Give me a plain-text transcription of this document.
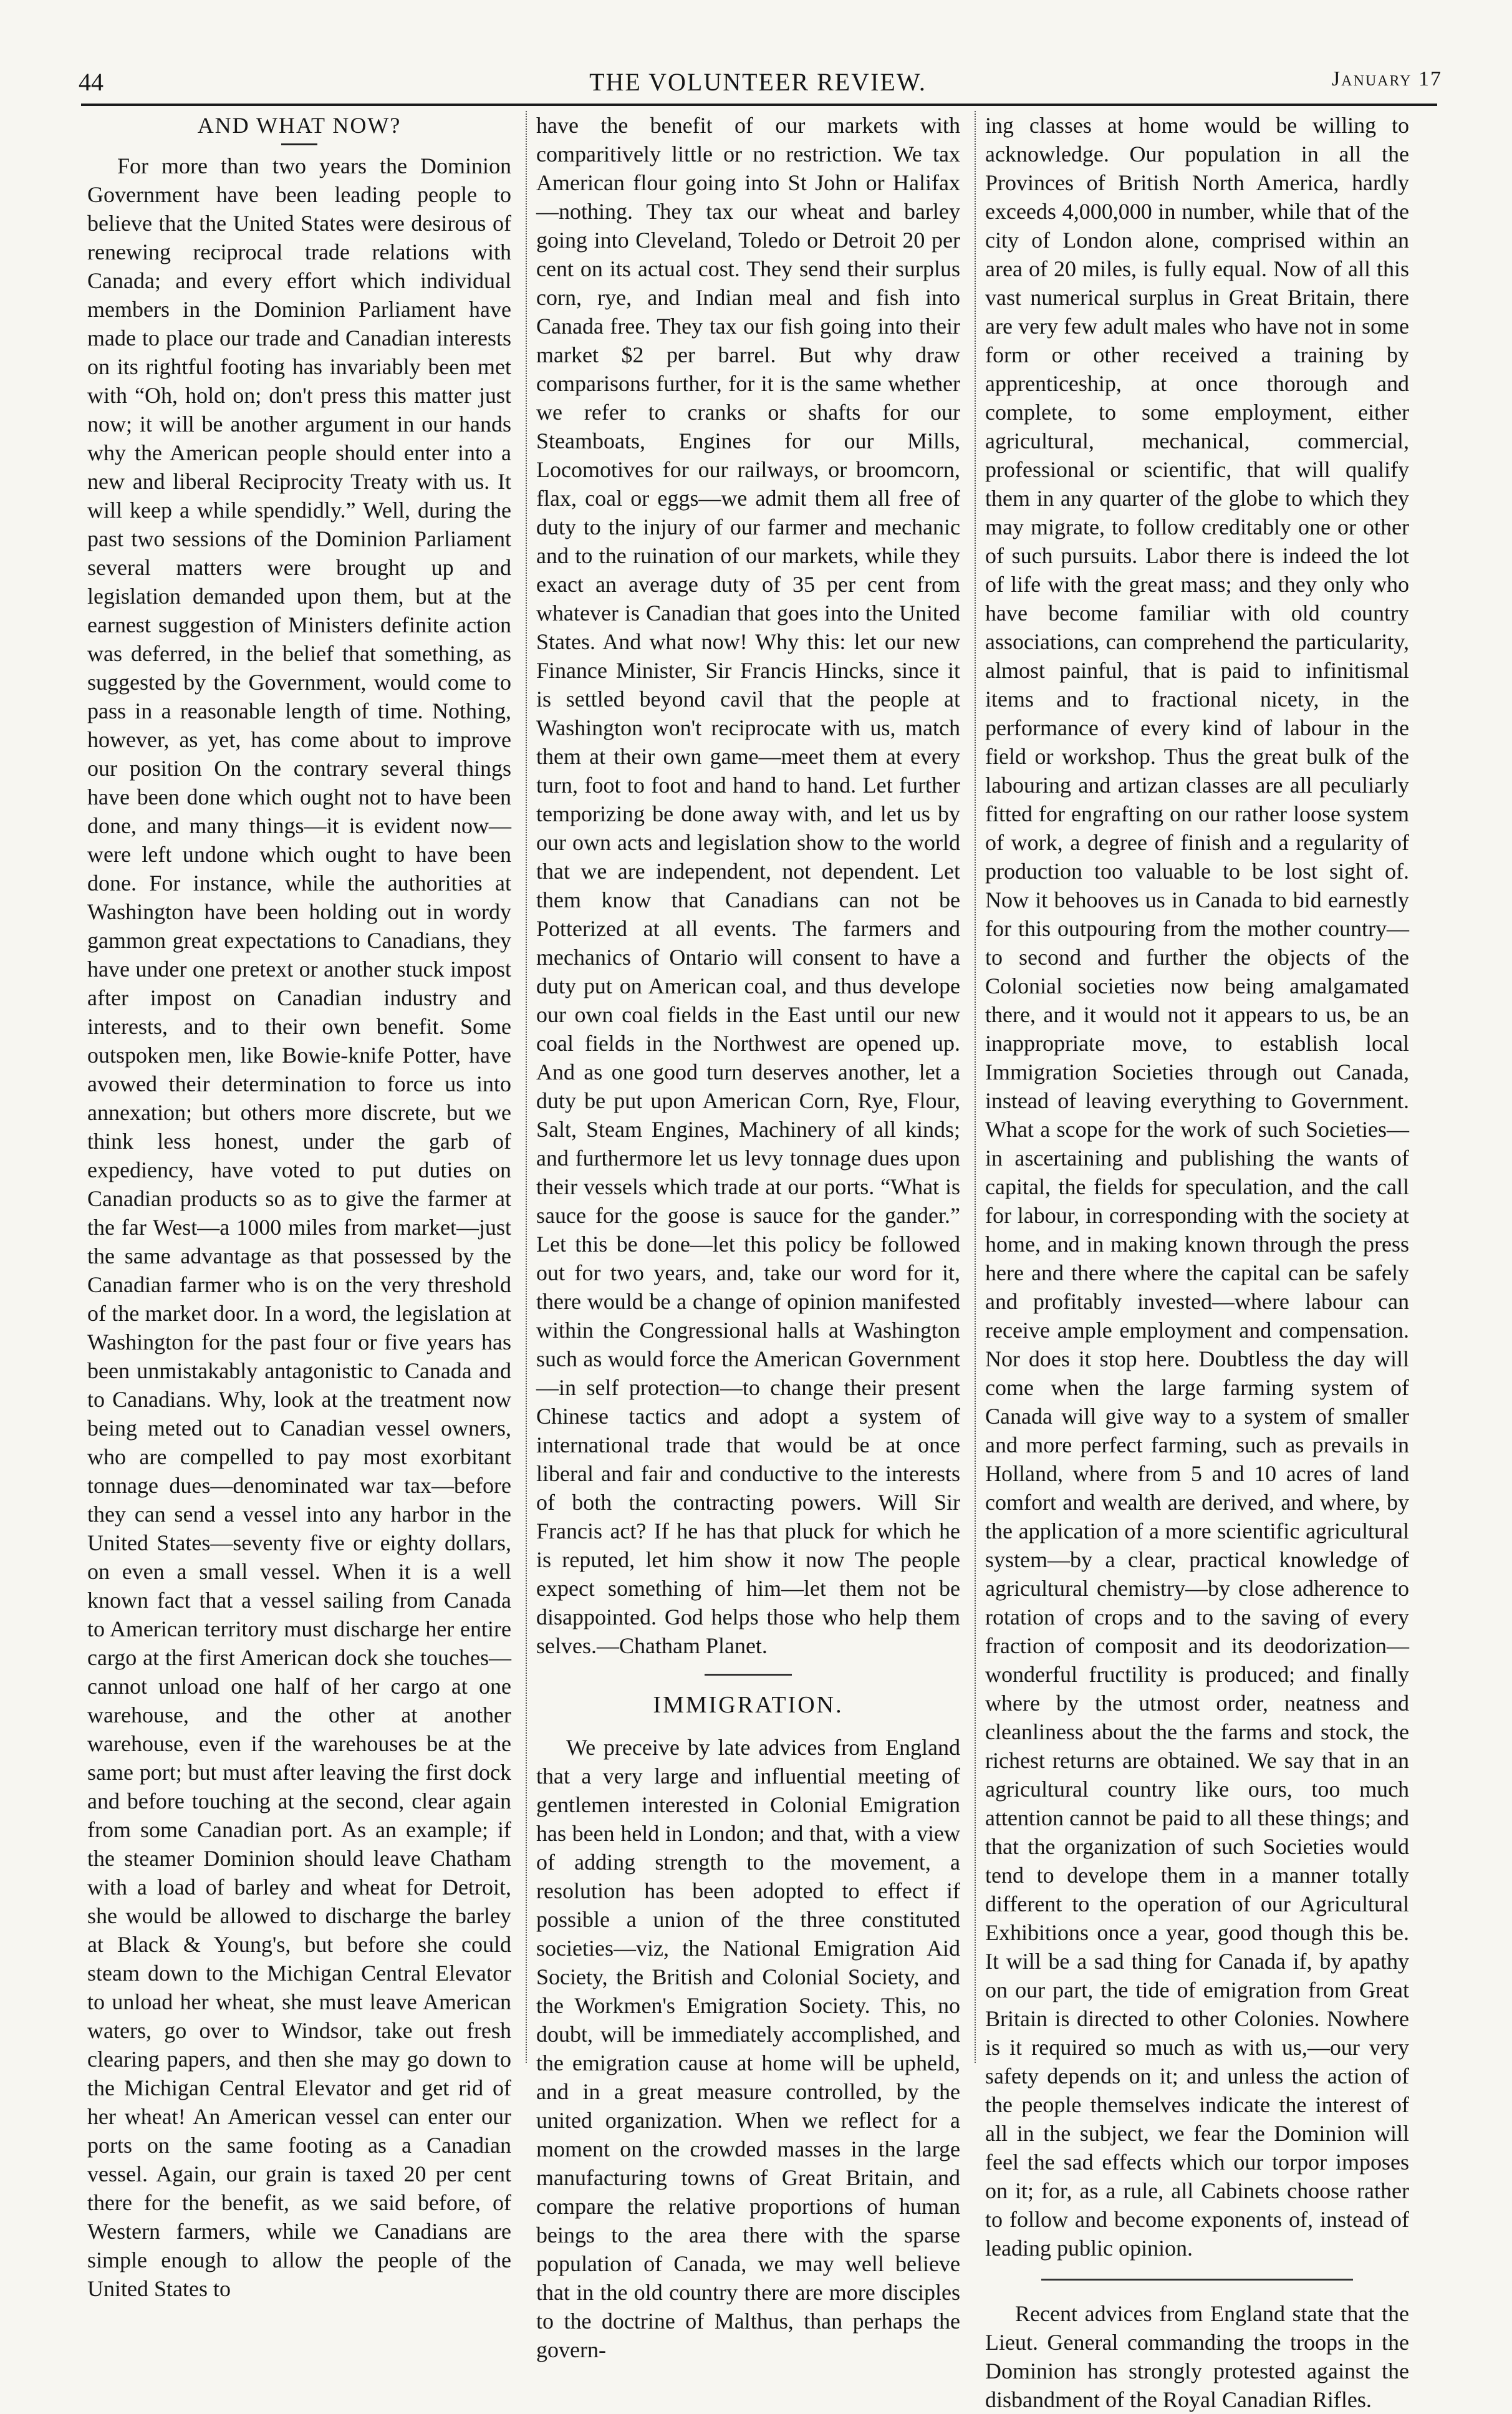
44	THE VOLUNTEER REVIEW.	January 17
AND WHAT NOW?

For more than two years the Dominion Government have been leading people to believe that the United States were desirous of renewing reciprocal trade relations with Canada; and every effort which individual members in the Dominion Parliament have made to place our trade and Canadian interests on its rightful footing has invariably been met with “Oh, hold on; don't press this matter just now; it will be another argument in our hands why the American people should enter into a new and liberal Reciprocity Treaty with us. It will keep a while spendidly.” Well, during the past two sessions of the Dominion Parliament several matters were brought up and legislation demanded upon them, but at the earnest suggestion of Ministers definite action was deferred, in the belief that something, as suggested by the Government, would come to pass in a reasonable length of time. Nothing, however, as yet, has come about to improve our position On the contrary several things have been done which ought not to have been done, and many things—it is evident now—were left undone which ought to have been done. For instance, while the authorities at Washington have been holding out in wordy gammon great expectations to Canadians, they have under one pretext or another stuck impost after impost on Canadian industry and interests, and to their own benefit. Some outspoken men, like Bowie-knife Potter, have avowed their determination to force us into annexation; but others more discrete, but we think less honest, under the garb of expediency, have voted to put duties on Canadian products so as to give the farmer at the far West—a 1000 miles from market—just the same advantage as that possessed by the Canadian farmer who is on the very threshold of the market door. In a word, the legislation at Washington for the past four or five years has been unmistakably antagonistic to Canada and to Canadians. Why, look at the treatment now being meted out to Canadian vessel owners, who are compelled to pay most exorbitant tonnage dues—denominated war tax—before they can send a vessel into any harbor in the United States—seventy five or eighty dollars, on even a small vessel. When it is a well known fact that a vessel sailing from Canada to American territory must discharge her entire cargo at the first American dock she touches— cannot unload one half of her cargo at one warehouse, and the other at another warehouse, even if the warehouses be at the same port; but must after leaving the first dock and before touching at the second, clear again from some Canadian port. As an example; if the steamer Dominion should leave Chatham with a load of barley and wheat for Detroit, she would be allowed to discharge the barley at Black & Young's, but before she could steam down to the Michigan Central Elevator to unload her wheat, she must leave American waters, go over to Windsor, take out fresh clearing papers, and then she may go down to the Michigan Central Elevator and get rid of her wheat! An American vessel can enter our ports on the same footing as a Canadian vessel. Again, our grain is taxed 20 per cent there for the benefit, as we said before, of Western farmers, while we Canadians are simple enough to allow the people of the United States to

have the benefit of our markets with comparitively little or no restriction. We tax American flour going into St John or Halifax—nothing. They tax our wheat and barley going into Cleveland, Toledo or Detroit 20 per cent on its actual cost. They send their surplus corn, rye, and Indian meal and fish into Canada free. They tax our fish going into their market $2 per barrel. But why draw comparisons further, for it is the same whether we refer to cranks or shafts for our Steamboats, Engines for our Mills, Locomotives for our railways, or broomcorn, flax, coal or eggs—we admit them all free of duty to the injury of our farmer and mechanic and to the ruination of our markets, while they exact an average duty of 35 per cent from whatever is Canadian that goes into the United States. And what now! Why this: let our new Finance Minister, Sir Francis Hincks, since it is settled beyond cavil that the people at Washington won't reciprocate with us, match them at their own game—meet them at every turn, foot to foot and hand to hand. Let further temporizing be done away with, and let us by our own acts and legislation show to the world that we are independent, not dependent. Let them know that Canadians can not be Potterized at all events. The farmers and mechanics of Ontario will consent to have a duty put on American coal, and thus develope our own coal fields in the East until our new coal fields in the Northwest are opened up. And as one good turn deserves another, let a duty be put upon American Corn, Rye, Flour, Salt, Steam Engines, Machinery of all kinds; and furthermore let us levy tonnage dues upon their vessels which trade at our ports. “What is sauce for the goose is sauce for the gander.” Let this be done—let this policy be followed out for two years, and, take our word for it, there would be a change of opinion manifested within the Congressional halls at Washington such as would force the American Government—in self protection—to change their present Chinese tactics and adopt a system of international trade that would be at once liberal and fair and conductive to the interests of both the contracting powers. Will Sir Francis act? If he has that pluck for which he is reputed, let him show it now The people expect something of him—let them not be disappointed. God helps those who help them selves.—Chatham Planet.

IMMIGRATION.

We preceive by late advices from England that a very large and influential meeting of gentlemen interested in Colonial Emigration has been held in London; and that, with a view of adding strength to the movement, a resolution has been adopted to effect if possible a union of the three constituted societies—viz, the National Emigration Aid Society, the British and Colonial Society, and the Workmen's Emigration Society. This, no doubt, will be immediately accomplished, and the emigration cause at home will be upheld, and in a great measure controlled, by the united organization. When we reflect for a moment on the crowded masses in the large manufacturing towns of Great Britain, and compare the relative proportions of human beings to the area there with the sparse population of Canada, we may well believe that in the old country there are more disciples to the doctrine of Malthus, than perhaps the govern-

ing classes at home would be willing to acknowledge. Our population in all the Provinces of British North America, hardly exceeds 4,000,000 in number, while that of the city of London alone, comprised within an area of 20 miles, is fully equal. Now of all this vast numerical surplus in Great Britain, there are very few adult males who have not in some form or other received a training by apprenticeship, at once thorough and complete, to some employment, either agricultural, mechanical, commercial, professional or scientific, that will qualify them in any quarter of the globe to which they may migrate, to follow creditably one or other of such pursuits. Labor there is indeed the lot of life with the great mass; and they only who have become familiar with old country associations, can comprehend the particularity, almost painful, that is paid to infinitismal items and to fractional nicety, in the performance of every kind of labour in the field or workshop. Thus the great bulk of the labouring and artizan classes are all peculiarly fitted for engrafting on our rather loose system of work, a degree of finish and a regularity of production too valuable to be lost sight of. Now it behooves us in Canada to bid earnestly for this outpouring from the mother country—to second and further the objects of the Colonial societies now being amalgamated there, and it would not it appears to us, be an inappropriate move, to establish local Immigration Societies through out Canada, instead of leaving everything to Government. What a scope for the work of such Societies—in ascertaining and publishing the wants of capital, the fields for speculation, and the call for labour, in corresponding with the society at home, and in making known through the press here and there where the capital can be safely and profitably invested—where labour can receive ample employment and compensation. Nor does it stop here. Doubtless the day will come when the large farming system of Canada will give way to a system of smaller and more perfect farming, such as prevails in Holland, where from 5 and 10 acres of land comfort and wealth are derived, and where, by the application of a more scientific agricultural system—by a clear, practical knowledge of agricultural chemistry—by close adherence to rotation of crops and to the saving of every fraction of composit and its deodorization—wonderful fructility is produced; and finally where by the utmost order, neatness and cleanliness about the the farms and stock, the richest returns are obtained. We say that in an agricultural country like ours, too much attention cannot be paid to all these things; and that the organization of such Societies would tend to develope them in a manner totally different to the operation of our Agricultural Exhibitions once a year, good though this be. It will be a sad thing for Canada if, by apathy on our part, the tide of emigration from Great Britain is directed to other Colonies. Nowhere is it required so much as with us,—our very safety depends on it; and unless the action of the people themselves indicate the interest of all in the subject, we fear the Dominion will feel the sad effects which our torpor imposes on it; for, as a rule, all Cabinets choose rather to follow and become exponents of, instead of leading public opinion.

Recent advices from England state that the Lieut. General commanding the troops in the Dominion has strongly protested against the disbandment of the Royal Canadian Rifles.
